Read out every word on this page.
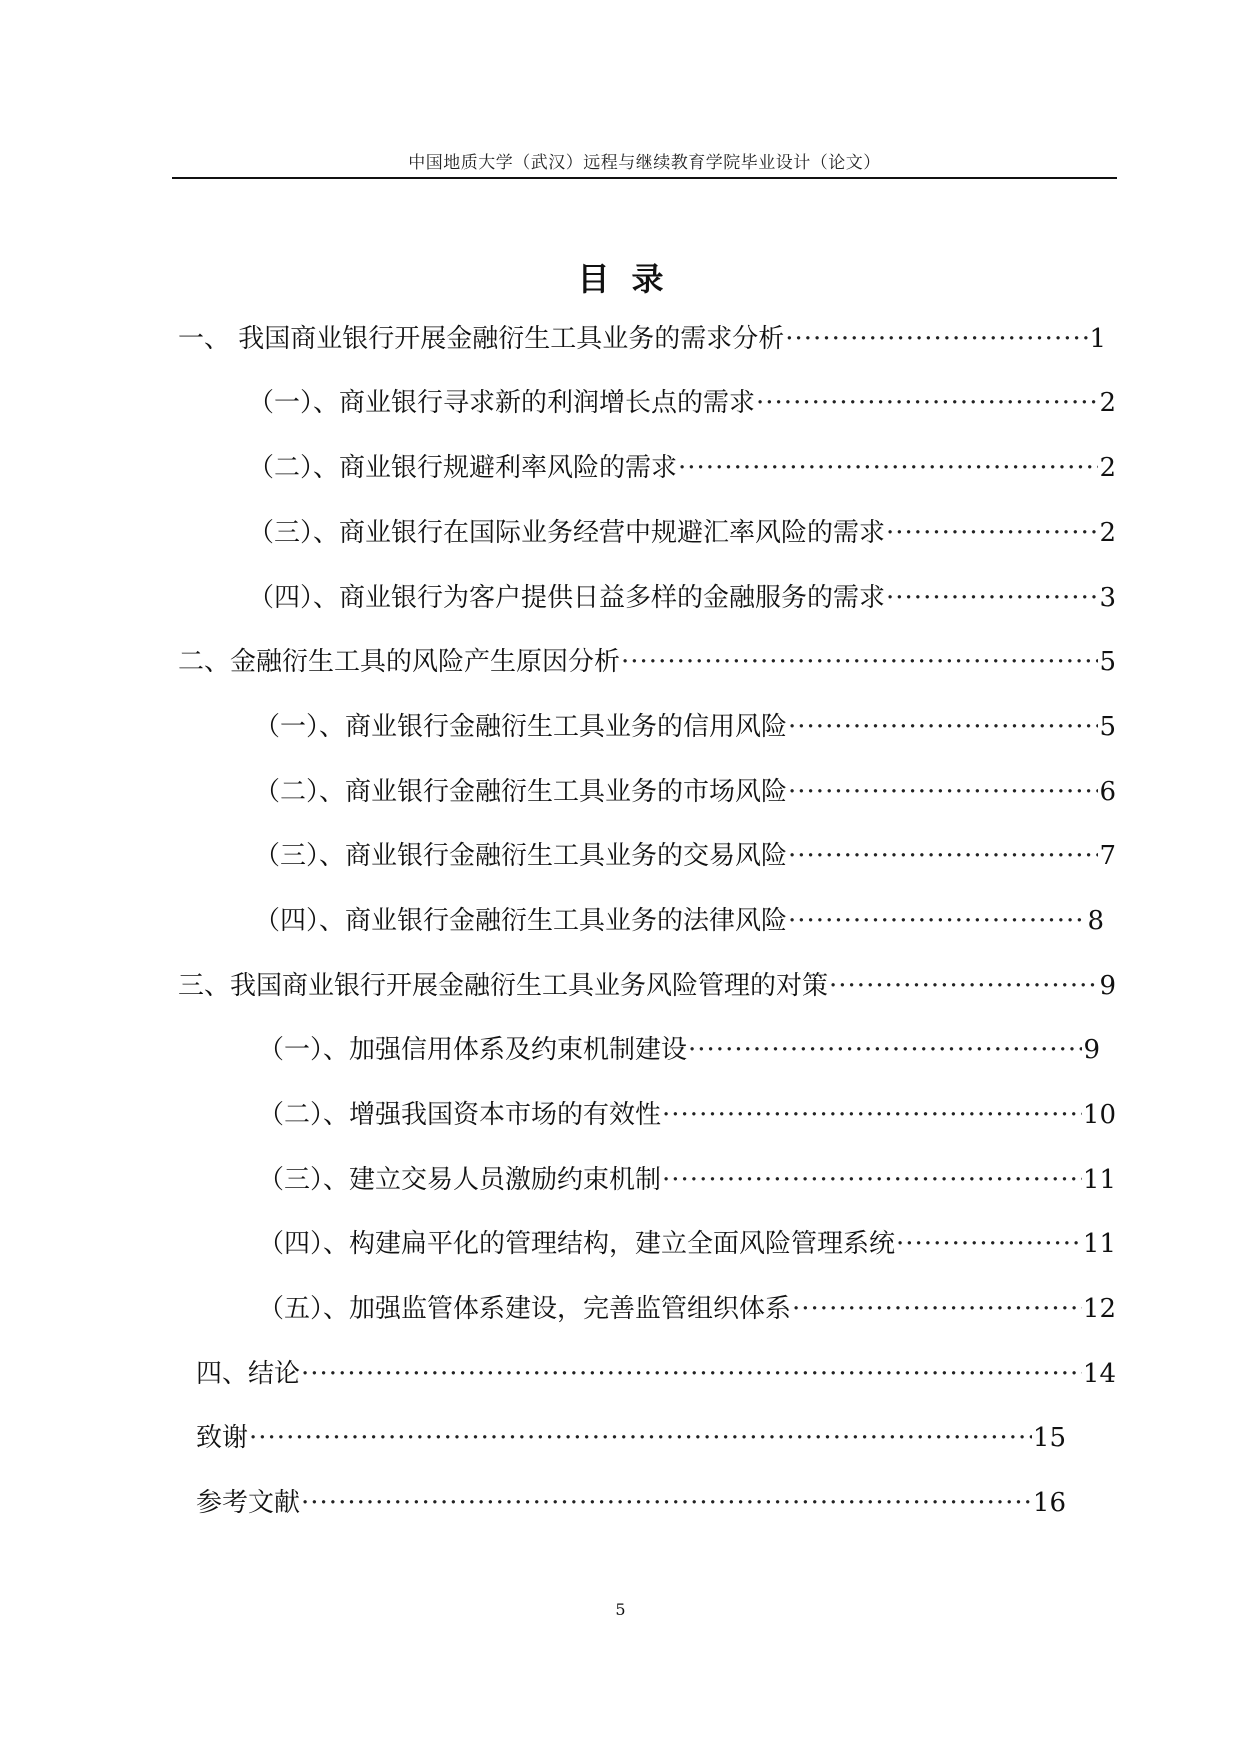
中国地质大学（武汉）远程与继续教育学院毕业设计（论文）
目录
一、 我国商业银行开展金融衍生工具业务的需求分析 ·····	1
（一）、商业银行寻求新的利润增长点的需求 ·····	2
（二）、商业银行规避利率风险的需求 ·····	2
（三）、商业银行在国际业务经营中规避汇率风险的需求 ·····	2
（四）、商业银行为客户提供日益多样的金融服务的需求 ·····	3
二、金融衍生工具的风险产生原因分析 ·····	5
（一）、商业银行金融衍生工具业务的信用风险 ·····	5
（二）、商业银行金融衍生工具业务的市场风险 ·····	6
（三）、商业银行金融衍生工具业务的交易风险 ·····	7
（四）、商业银行金融衍生工具业务的法律风险 ·····	8
三、我国商业银行开展金融衍生工具业务风险管理的对策 ·····	9
（一）、加强信用体系及约束机制建设 ·····	9
（二）、增强我国资本市场的有效性 ·····	10
（三）、建立交易人员激励约束机制 ·····	11
（四）、构建扁平化的管理结构，建立全面风险管理系统 ·····	11
（五）、加强监管体系建设，完善监管组织体系 ·····	12
四、结论 ·····	14
致谢 ·····	15
参考文献 ·····	16
5
